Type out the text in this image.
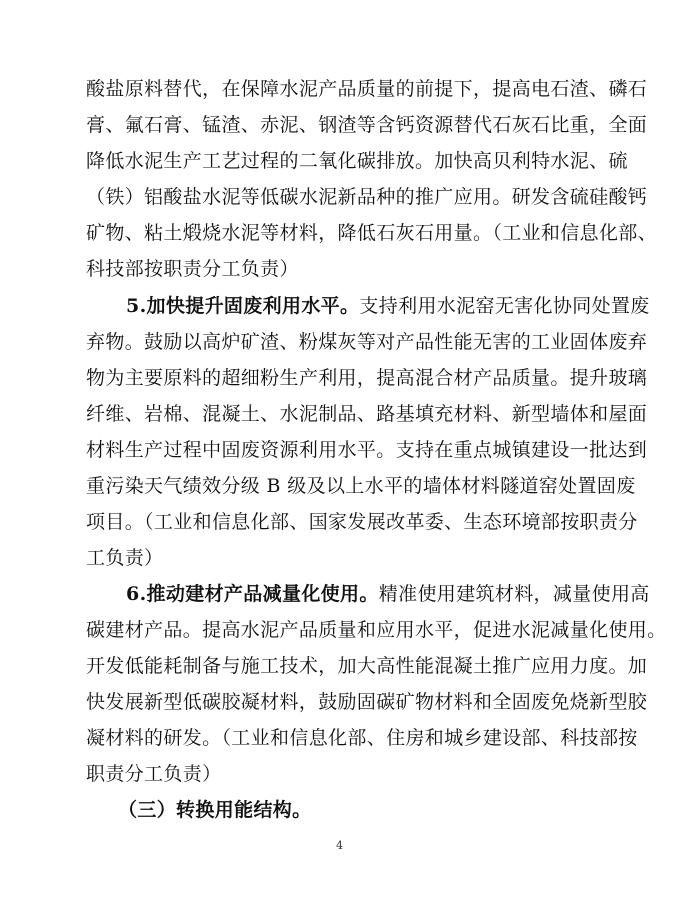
酸盐原料替代，在保障水泥产品质量的前提下，提高电石渣、磷石
膏、氟石膏、锰渣、赤泥、钢渣等含钙资源替代石灰石比重，全面
降低水泥生产工艺过程的二氧化碳排放。加快高贝利特水泥、硫
（铁）铝酸盐水泥等低碳水泥新品种的推广应用。研发含硫硅酸钙
矿物、粘土煅烧水泥等材料，降低石灰石用量。（工业和信息化部、
科技部按职责分工负责）
5.加快提升固废利用水平。支持利用水泥窑无害化协同处置废
弃物。鼓励以高炉矿渣、粉煤灰等对产品性能无害的工业固体废弃
物为主要原料的超细粉生产利用，提高混合材产品质量。提升玻璃
纤维、岩棉、混凝土、水泥制品、路基填充材料、新型墙体和屋面
材料生产过程中固废资源利用水平。支持在重点城镇建设一批达到
重污染天气绩效分级 B 级及以上水平的墙体材料隧道窑处置固废
项目。（工业和信息化部、国家发展改革委、生态环境部按职责分
工负责）
6.推动建材产品减量化使用。精准使用建筑材料，减量使用高
碳建材产品。提高水泥产品质量和应用水平，促进水泥减量化使用。
开发低能耗制备与施工技术，加大高性能混凝土推广应用力度。加
快发展新型低碳胶凝材料，鼓励固碳矿物材料和全固废免烧新型胶
凝材料的研发。（工业和信息化部、住房和城乡建设部、科技部按
职责分工负责）
（三）转换用能结构。
4
